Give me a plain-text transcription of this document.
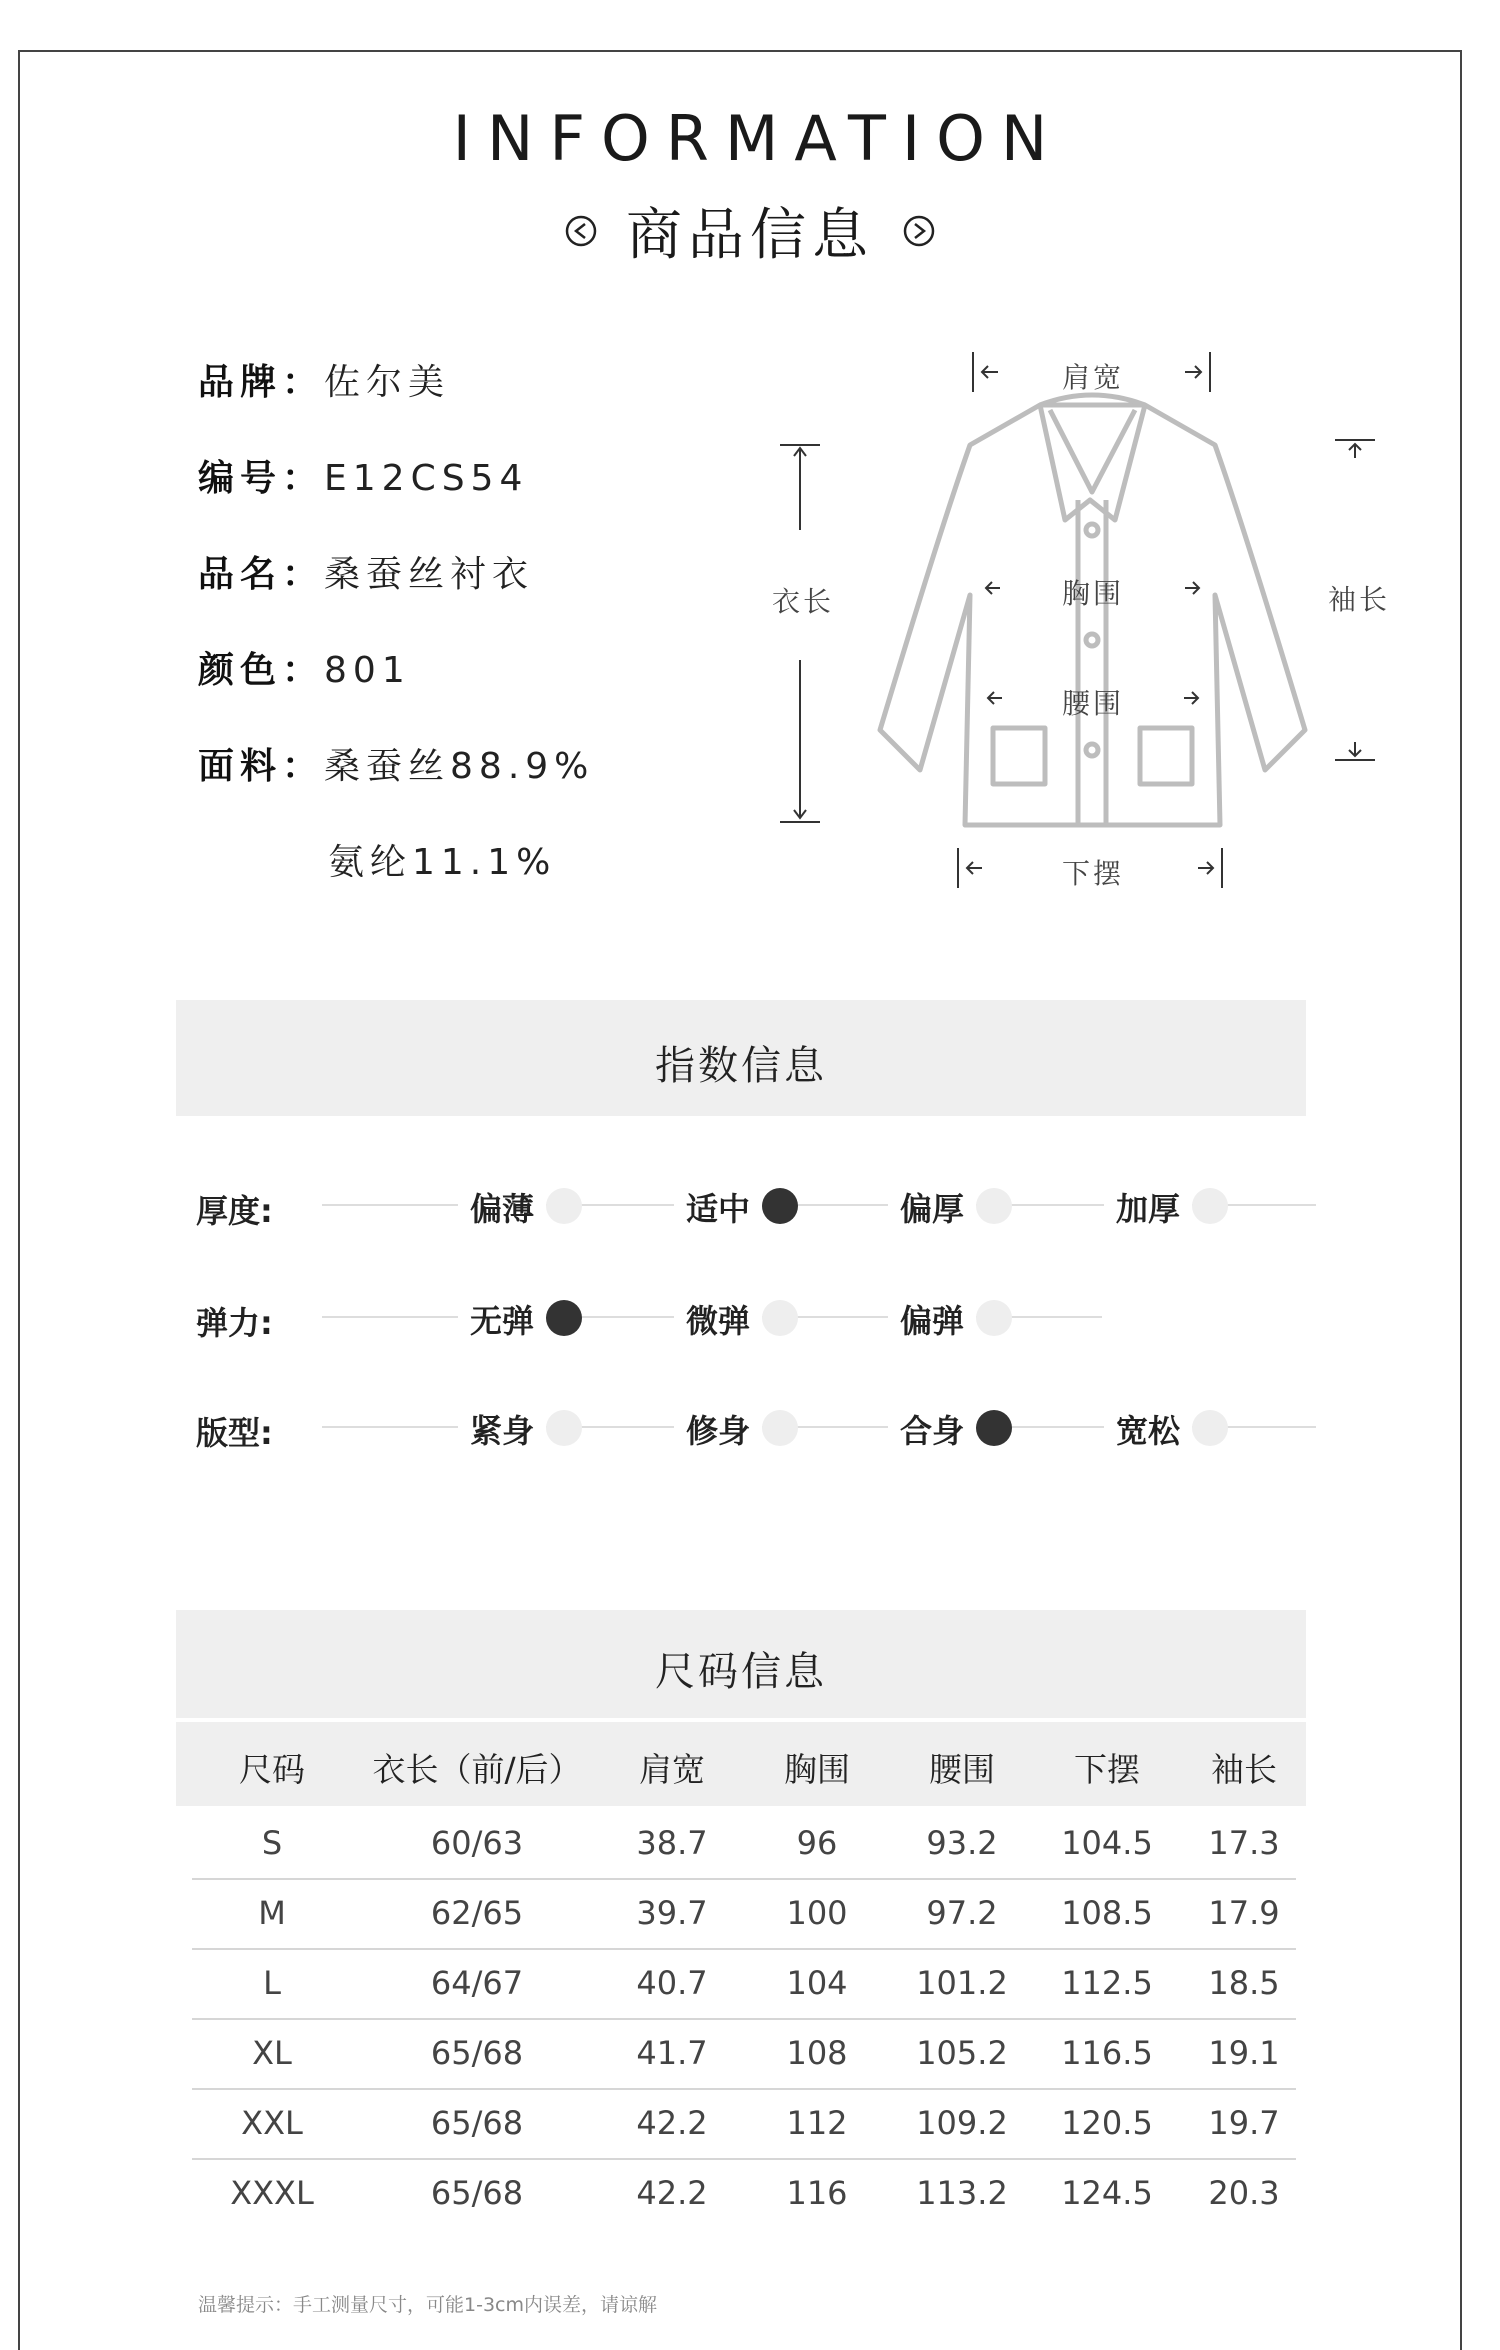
INFORMATION
商品信息
品牌：佐尔美
编号：E12CS54
品名：桑蚕丝衬衣
颜色：801
面料：桑蚕丝88.9%
氨纶11.1%
肩宽
衣长	胸围
腰围
袖长
下摆
指数信息
厚度:	偏薄	适中	偏厚	加厚
弹力:	无弹	微弹	偏弹
版型:	紧身	修身	合身	宽松
尺码信息
尺码	衣长（前/后）	肩宽	胸围	腰围	下摆	袖长
S	60/63	38.7	96	93.2	104.5	17.3
M	62/65	39.7	100	97.2	108.5	17.9
L	64/67	40.7	104	101.2	112.5	18.5
XL	65/68	41.7	108	105.2	116.5	19.1
XXL	65/68	42.2	112	109.2	120.5	19.7
XXXL	65/68	42.2	116	113.2	124.5	20.3
温馨提示：手工测量尺寸，可能1-3cm内误差，请谅解
